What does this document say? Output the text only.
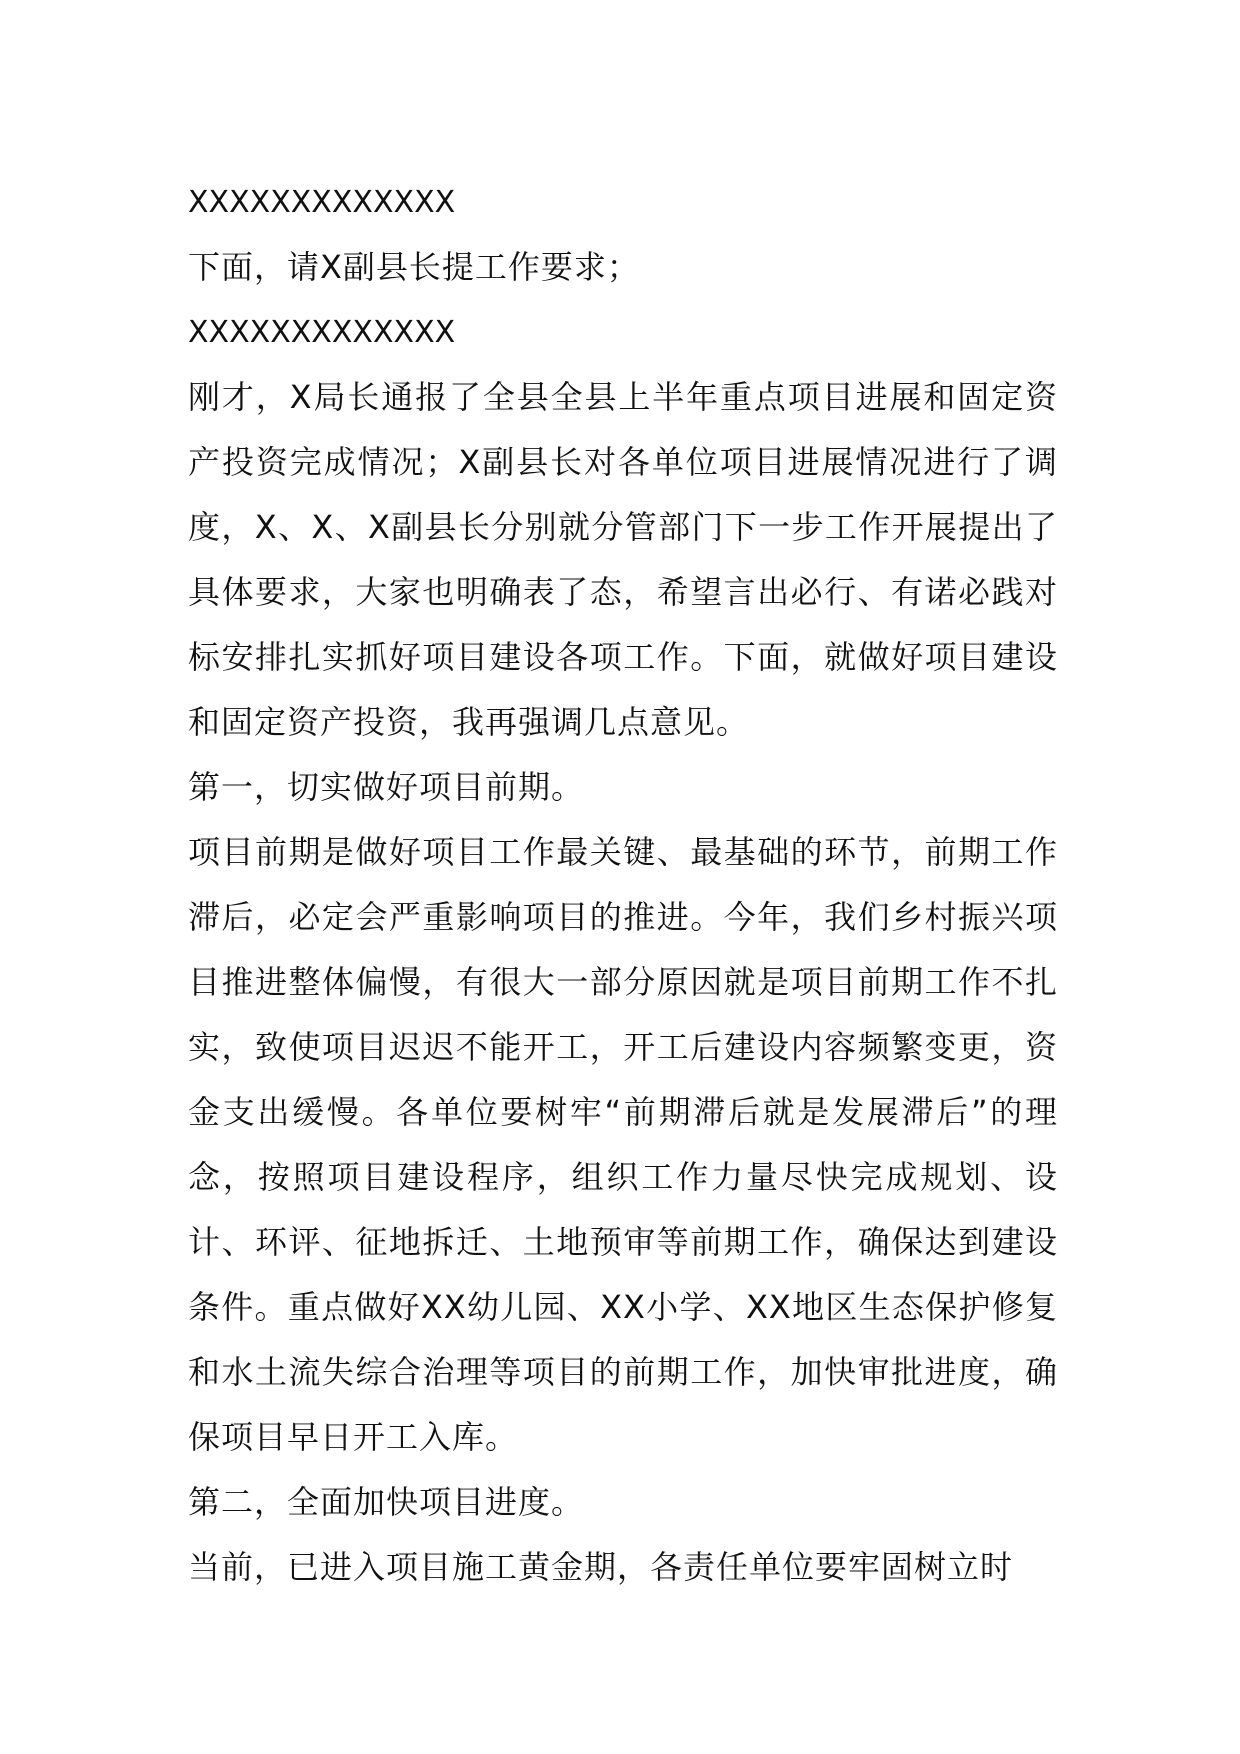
XXXXXXXXXXXXX

下面，请X副县长提工作要求；

XXXXXXXXXXXXX

刚才，X局长通报了全县全县上半年重点项目进展和固定资产投资完成情况；X副县长对各单位项目进展情况进行了调度，X、X、X副县长分别就分管部门下一步工作开展提出了具体要求，大家也明确表了态，希望言出必行、有诺必践对标安排扎实抓好项目建设各项工作。下面，就做好项目建设和固定资产投资，我再强调几点意见。

第一，切实做好项目前期。

项目前期是做好项目工作最关键、最基础的环节，前期工作滞后，必定会严重影响项目的推进。今年，我们乡村振兴项目推进整体偏慢，有很大一部分原因就是项目前期工作不扎实，致使项目迟迟不能开工，开工后建设内容频繁变更，资金支出缓慢。各单位要树牢“前期滞后就是发展滞后”的理念，按照项目建设程序，组织工作力量尽快完成规划、设计、环评、征地拆迁、土地预审等前期工作，确保达到建设条件。重点做好XX幼儿园、XX小学、XX地区生态保护修复和水土流失综合治理等项目的前期工作，加快审批进度，确保项目早日开工入库。

第二，全面加快项目进度。

当前，已进入项目施工黄金期，各责任单位要牢固树立时
